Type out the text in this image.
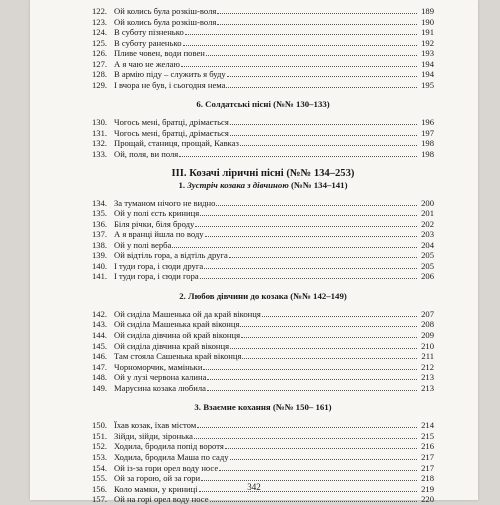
122. Ой колись була розкіш-воля	189
123. Ой колись була розкіш-воля	190
124. В суботу пізненько	191
125. В суботу раненько	192
126. Пливе човен, води повен	193
127. А я чаю не желаю	194
128. В армію піду – служить я буду	194
129. І вчора не був, і сьогодня нема	195
6. Солдатські пісні (№№ 130–133)
130. Чогось мені, братці, дрімається	196
131. Чогось мені, братці, дрімається	197
132. Прощай, станиця, прощай, Кавказ	198
133. Ой, поля, ви поля	198
ІІІ. Козачі ліричні пісні (№№ 134–253)
1. Зустріч козака з дівчиною (№№ 134–141)
134. За туманом нічого не видно	200
135. Ой у полі єсть криниця	201
136. Біля річки, біля броду	202
137. А я вранці йшла по воду	203
138. Ой у полі верба	204
139. Ой відтіль гора, а відтіль друга	205
140. І туди гора, і сюди друга	205
141. І туди гора, і сюди гора	206
2. Любов дівчини до козака (№№ 142–149)
142. Ой сиділа Машенька ой да край віконця	207
143. Ой сиділа Машенька край віконця	208
144. Ой сиділа дівчина ой край віконця	209
145. Ой сиділа дівчина край віконця	210
146. Там стояла Сашенька край віконця	211
147. Чорноморчик, маміньки	212
148. Ой у лузі червона калина	213
149. Марусина козака любила	213
3. Взаємне кохання (№№ 150– 161)
150. Їхав козак, їхав містом	214
151. Зійди, зійди, зіронька	215
152. Ходила, бродила попід воротя	216
153. Ходила, бродила Маша по саду	217
154. Ой із-за гори орел воду носе	217
155. Ой за горою, ой за гори	218
156. Коло мамки, у криниці	219
157. Ой на горі орел воду носе	220
342
